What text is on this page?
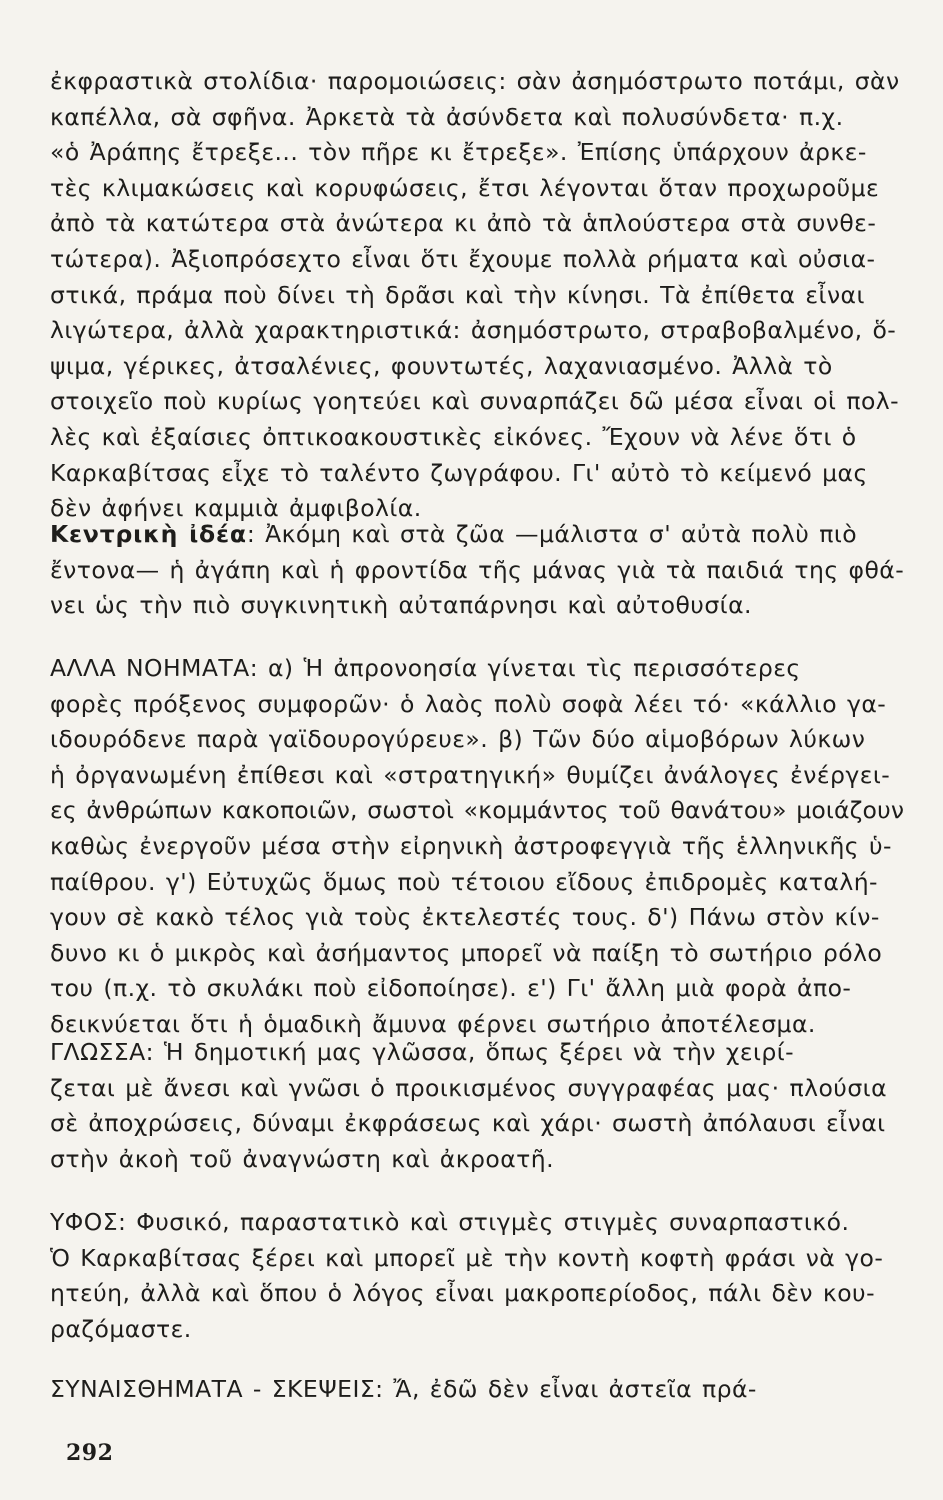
ἐκφραστικὰ στολίδια· παρομοιώσεις: σὰν ἀσημόστρωτο ποτάμι, σὰν
καπέλλα, σὰ σφῆνα. Ἀρκετὰ τὰ ἀσύνδετα καὶ πολυσύνδετα· π.χ.
«ὁ Ἀράπης ἔτρεξε... τὸν πῆρε κι ἔτρεξε». Ἐπίσης ὑπάρχουν ἀρκε-
τὲς κλιμακώσεις καὶ κορυφώσεις, ἔτσι λέγονται ὅταν προχωροῦμε
ἀπὸ τὰ κατώτερα στὰ ἀνώτερα κι ἀπὸ τὰ ἁπλούστερα στὰ συνθε-
τώτερα). Ἀξιοπρόσεχτο εἶναι ὅτι ἔχουμε πολλὰ ρήματα καὶ οὐσια-
στικά, πράμα ποὺ δίνει τὴ δρᾶσι καὶ τὴν κίνησι. Τὰ ἐπίθετα εἶναι
λιγώτερα, ἀλλὰ χαρακτηριστικά: ἀσημόστρωτο, στραβοβαλμένο, ὅ-
ψιμα, γέρικες, ἀτσαλένιες, φουντωτές, λαχανιασμένο. Ἀλλὰ τὸ
στοιχεῖο ποὺ κυρίως γοητεύει καὶ συναρπάζει δῶ μέσα εἶναι οἱ πολ-
λὲς καὶ ἐξαίσιες ὀπτικοακουστικὲς εἰκόνες. Ἔχουν νὰ λένε ὅτι ὁ
Καρκαβίτσας εἶχε τὸ ταλέντο ζωγράφου. Γι' αὐτὸ τὸ κείμενό μας
δὲν ἀφήνει καμμιὰ ἀμφιβολία.
Κεντρικὴ ἰδέα: Ἀκόμη καὶ στὰ ζῶα —μάλιστα σ' αὐτὰ πολὺ πιὸ
ἔντονα— ἡ ἀγάπη καὶ ἡ φροντίδα τῆς μάνας γιὰ τὰ παιδιά της φθά-
νει ὡς τὴν πιὸ συγκινητικὴ αὐταπάρνησι καὶ αὐτοθυσία.
ΑΛΛΑ ΝΟΗΜΑΤΑ: α) Ἡ ἀπρονοησία γίνεται τὶς περισσότερες
φορὲς πρόξενος συμφορῶν· ὁ λαὸς πολὺ σοφὰ λέει τό· «κάλλιο γα-
ιδουρόδενε παρὰ γαϊδουρογύρευε». β) Τῶν δύο αἱμοβόρων λύκων
ἡ ὀργανωμένη ἐπίθεσι καὶ «στρατηγική» θυμίζει ἀνάλογες ἐνέργει-
ες ἀνθρώπων κακοποιῶν, σωστοὶ «κομμάντος τοῦ θανάτου» μοιάζουν
καθὼς ἐνεργοῦν μέσα στὴν εἰρηνικὴ ἀστροφεγγιὰ τῆς ἑλληνικῆς ὑ-
παίθρου. γ') Εὐτυχῶς ὅμως ποὺ τέτοιου εἴδους ἐπιδρομὲς καταλή-
γουν σὲ κακὸ τέλος γιὰ τοὺς ἐκτελεστές τους. δ') Πάνω στὸν κίν-
δυνο κι ὁ μικρὸς καὶ ἀσήμαντος μπορεῖ νὰ παίξη τὸ σωτήριο ρόλο
του (π.χ. τὸ σκυλάκι ποὺ εἰδοποίησε). ε') Γι' ἄλλη μιὰ φορὰ ἀπο-
δεικνύεται ὅτι ἡ ὁμαδικὴ ἄμυνα φέρνει σωτήριο ἀποτέλεσμα.
ΓΛΩΣΣΑ: Ἡ δημοτική μας γλῶσσα, ὅπως ξέρει νὰ τὴν χειρί-
ζεται μὲ ἄνεσι καὶ γνῶσι ὁ προικισμένος συγγραφέας μας· πλούσια
σὲ ἀποχρώσεις, δύναμι ἐκφράσεως καὶ χάρι· σωστὴ ἀπόλαυσι εἶναι
στὴν ἀκοὴ τοῦ ἀναγνώστη καὶ ἀκροατῆ.
ΥΦΟΣ: Φυσικό, παραστατικὸ καὶ στιγμὲς στιγμὲς συναρπαστικό.
Ὁ Καρκαβίτσας ξέρει καὶ μπορεῖ μὲ τὴν κοντὴ κοφτὴ φράσι νὰ γο-
ητεύη, ἀλλὰ καὶ ὅπου ὁ λόγος εἶναι μακροπερίοδος, πάλι δὲν κου-
ραζόμαστε.
ΣΥΝΑΙΣΘΗΜΑΤΑ - ΣΚΕΨΕΙΣ: Ἄ, ἐδῶ δὲν εἶναι ἀστεῖα πρά-
292
